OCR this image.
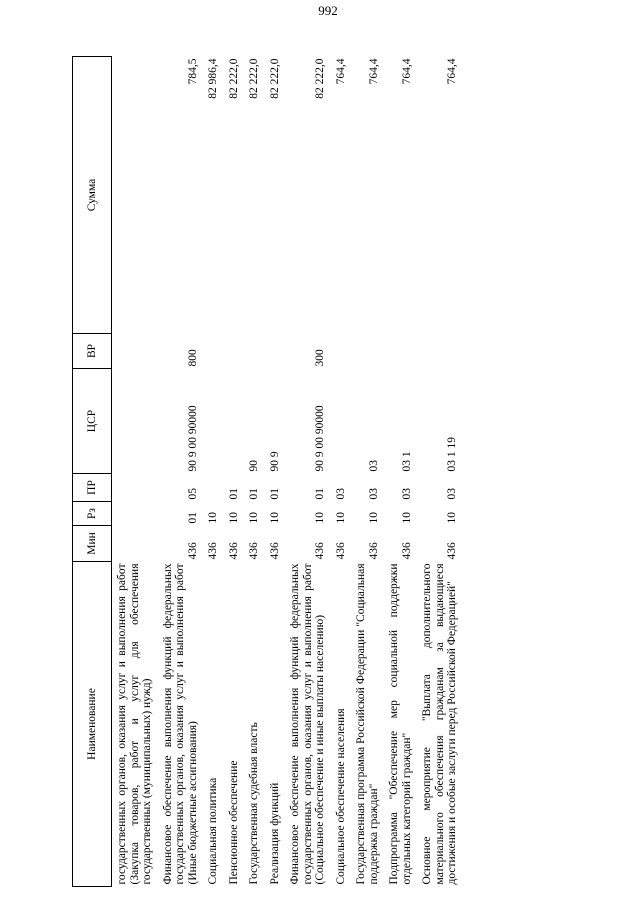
992
Наименование	Мин	Рз	ПР	ЦСР	ВР	Сумма
государственных органов, оказания услуг и выполнения работ (Закупка товаров, работ и услуг для обеспечения государственных (муниципальных) нужд)						
Финансовое обеспечение выполнения функций федеральных государственных органов, оказания услуг и выполнения работ (Иные бюджетные ассигнования)	436	01	05	90 9 00 90000	800	784,5
Социальная политика	436	10				82 986,4
Пенсионное обеспечение	436	10	01			82 222,0
Государственная судебная власть	436	10	01	90		82 222,0
Реализация функций	436	10	01	90 9		82 222,0
Финансовое обеспечение выполнения функций федеральных государственных органов, оказания услуг и выполнения работ (Социальное обеспечение и иные выплаты населению)	436	10	01	90 9 00 90000	300	82 222,0
Социальное обеспечение населения	436	10	03			764,4
Государственная программа Российской Федерации "Социальная поддержка граждан"	436	10	03	03		764,4
Подпрограмма "Обеспечение мер социальной поддержки отдельных категорий граждан"	436	10	03	03 1		764,4
Основное мероприятие "Выплата дополнительного материального обеспечения гражданам за выдающиеся достижения и особые заслуги перед Российской Федерацией"	436	10	03	03 1 19		764,4
